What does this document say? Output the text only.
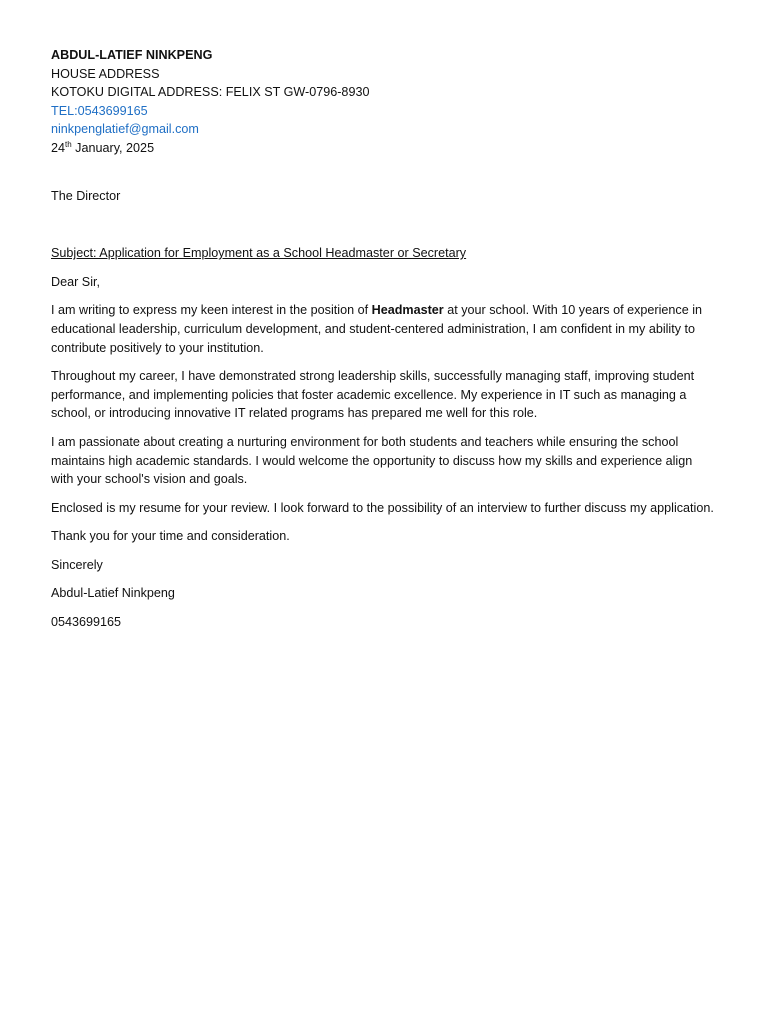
ABDUL-LATIEF NINKPENG

HOUSE ADDRESS

KOTOKU DIGITAL ADDRESS: FELIX ST GW-0796-8930

TEL:0543699165

ninkpenglatief@gmail.com

24th January, 2025

The Director

Subject: Application for Employment as a School Headmaster or Secretary

Dear Sir,

I am writing to express my keen interest in the position of Headmaster at your school. With 10 years of experience in educational leadership, curriculum development, and student-centered administration, I am confident in my ability to contribute positively to your institution.

Throughout my career, I have demonstrated strong leadership skills, successfully managing staff, improving student performance, and implementing policies that foster academic excellence. My experience in IT such as managing a school, or introducing innovative IT related programs has prepared me well for this role.

I am passionate about creating a nurturing environment for both students and teachers while ensuring the school maintains high academic standards. I would welcome the opportunity to discuss how my skills and experience align with your school's vision and goals.

Enclosed is my resume for your review. I look forward to the possibility of an interview to further discuss my application.

Thank you for your time and consideration.

Sincerely

Abdul-Latief Ninkpeng

0543699165
